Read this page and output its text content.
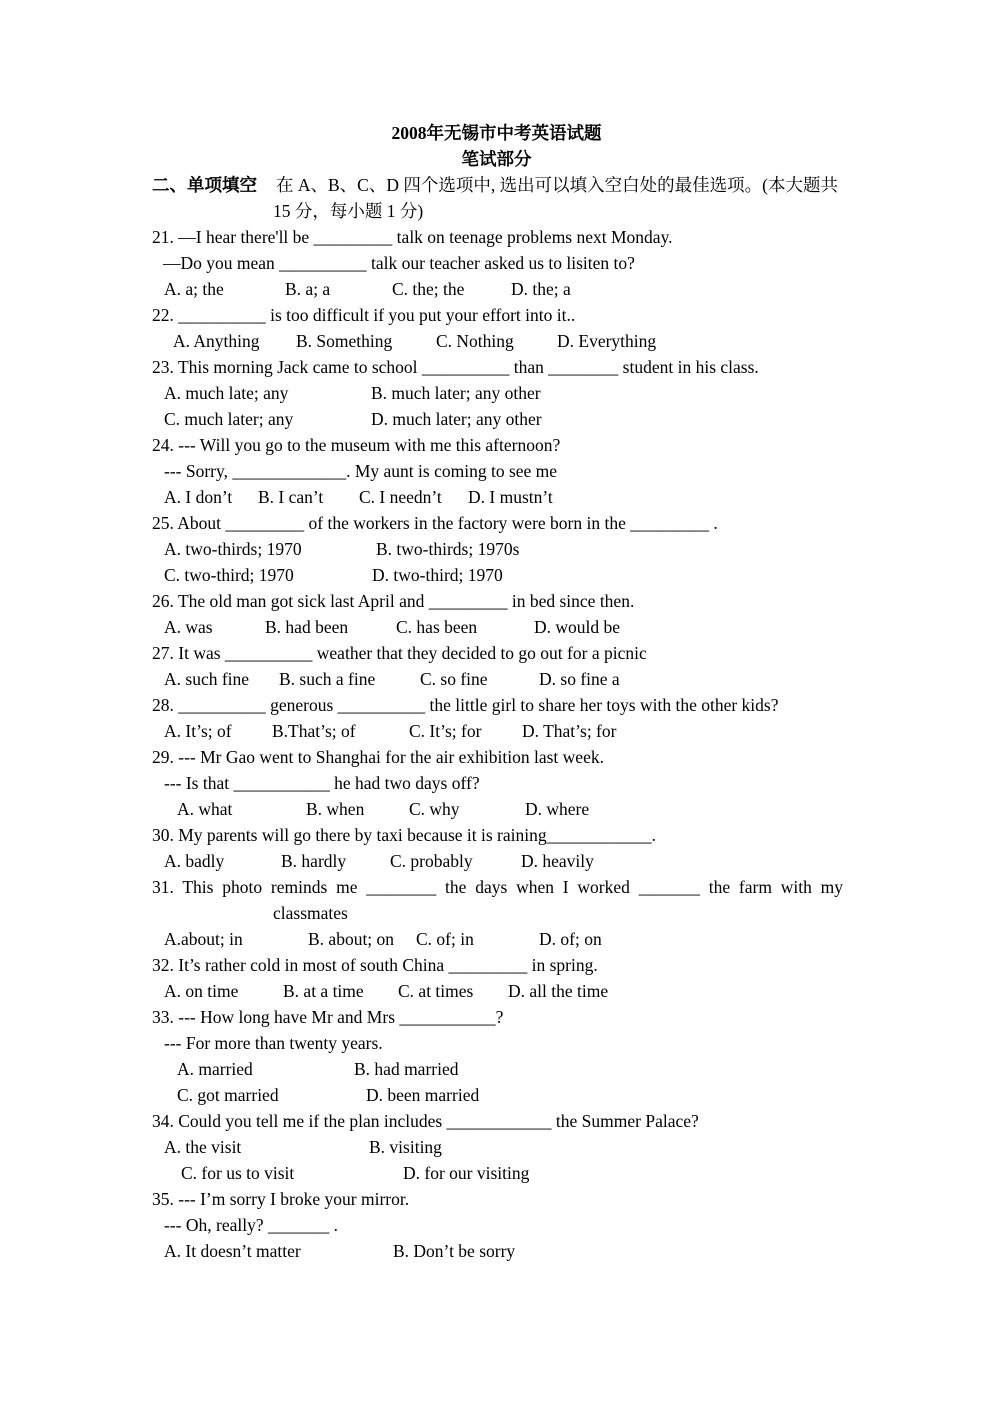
2008年无锡市中考英语试题
笔试部分
二、单项填空 在 A、B、C、D 四个选项中, 选出可以填入空白处的最佳选项。(本大题共
15 分，每小题 1 分)
21. —I hear there'll be _________ talk on teenage problems next Monday.
—Do you mean __________ talk our teacher asked us to lisiten to?
A. a; the	B. a; a	C. the; the	D. the; a
22. __________ is too difficult if you put your effort into it..
A. Anything B. Something C. Nothing D. Everything
23. This morning Jack came to school __________ than ________ student in his class.
A. much late; any	B. much later; any other
C. much later; any	D. much later; any other
24. --- Will you go to the museum with me this afternoon?
--- Sorry, _____________. My aunt is coming to see me
A. I don’t B. I can’t C. I needn’t D. I mustn’t
25. About _________ of the workers in the factory were born in the _________ .
A. two-thirds; 1970	B. two-thirds; 1970s
C. two-third; 1970	D. two-third; 1970
26. The old man got sick last April and _________ in bed since then.
A. was	B. had been	C. has been	D. would be
27. It was __________ weather that they decided to go out for a picnic
A. such fine B. such a fine	C. so fine	D. so fine a
28. __________ generous __________ the little girl to share her toys with the other kids?
A. It’s; of B.That’s; of	C. It’s; for D. That’s; for
29. --- Mr Gao went to Shanghai for the air exhibition last week.
--- Is that ___________ he had two days off?
A. what	B. when	C. why	D. where
30. My parents will go there by taxi because it is raining____________.
A. badly	B. hardly	C. probably	D. heavily
31. This photo reminds me ________ the days when I worked _______ the farm with my
classmates
A.about; in	B. about; on C. of; in	D. of; on
32. It’s rather cold in most of south China _________ in spring.
A. on time	B. at a time C. at times D. all the time
33. --- How long have Mr and Mrs ___________?
--- For more than twenty years.
A. married	B. had married
C. got married	D. been married
34. Could you tell me if the plan includes ____________ the Summer Palace?
A. the visit	B. visiting
C. for us to visit	D. for our visiting
35. --- I’m sorry I broke your mirror.
--- Oh, really? _______ .
A. It doesn’t matter	B. Don’t be sorry
